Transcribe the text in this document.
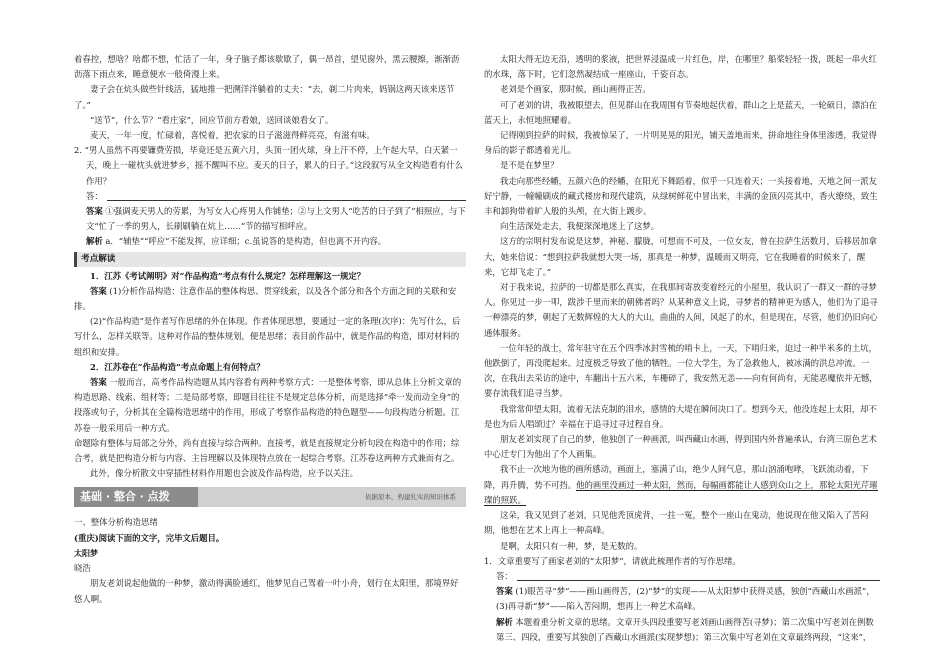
着春控，想啥？啥都不想，忙活了一年，身子脑子都该歇歇了，偶一昂首，望见窗外，黑云腰擦，渐渐沥沥落下雨点来，睡意便水一般倚漫上来。

妻子会在炕头做些针线活，猛地推一把溯洋洋躺着的丈夫：“去，剃二片肉来，妈锅这两天该来送节了。”

“送节”，什么节？“看庄家”，回应节前方看娘，送回谈娘看女了。

麦天，一年一度，忙碌着，喜悦着，把农家的日子滋滋得鲜亮亮，有滋有味。

2. “男人虽然不再要镰费劳损，毕竟还是五黄六月，头顶一团火球，身上汗不停，上午起大早，白天紧一天，晚上一碰枕头就进梦乡，摇不醒叫不应。麦天的日子，累人的日子。”这段叙写从全文构造看有什么作用？

答：

答案 ①强调麦天男人的劳累，为写女人心疼男人作铺垫；②与上文男人“吃苦的日子到了”相照应，与下文“忙了一季的男人，长刷刷躺在炕上……”节的描写相呼应。

解析 a．“辅垫”“呼应”不能发挥，应详细；c.虽说答的是构造，但也离不开内容。

考点解读

1．江苏《考试阐明》对“作品构造”考点有什么规定？怎样理解这一规定？

答案 (1)分析作品构造：注意作品的整体构思、贯穿线索，以及各个部分和各个方面之间的关联和安排。

(2)“作品构造”是作者写作思绪的外在体现。作者体现思想，要通过一定的条理(次序)：先写什么，后写什么，怎样关联等。这种对作品的整体规划，便是思绪；表目前作品中，就是作品的构造，即对材料的组织和安排。

2．江苏卷在“作品构造”考点命题上有何特点？

答案 一般而言，高考作品构造题从其内容看有两种考察方式：一是整体考察，即从总体上分析文章的构造思路、线索、组材等；二是局部考察，即题目往往不是规定总体分析，而是选择“牵一发而动全身”的段落或句子，分析其在全篇构造思绪中的作用，形成了考察作品构造的特色题型——句段构造分析题。江苏卷一般采用后一种方式。

命题除有整体与局部之分外，尚有直接与综合两种。直接考，就是直接规定分析句段在构造中的作用；综合考，就是把构造分析与内容、主旨理解以及体现特点放在一起综合考察。江苏卷这两种方式兼而有之。

此外，像分析散文中穿插性材料作用题也会波及作品构造，应予以关注。

基础 · 整合 · 点拨	依据原本，构建扎实的知识体系

一、整体分析构造思绪

(重庆)阅读下面的文字，完毕文后题目。

太阳梦

晓浩

朋友老刘说起他做的一种梦，激动得满脸通红，他梦见自己驾着一叶小舟，划行在太阳里，那境界好悠人啊。

太阳大得无边无沿，透明的浆液，把世界浸温成一片红色，岸，在哪里？船桨轻轻一拨，既起一串火红的水珠，落下时，它们忽然凝结成一座座山，千姿百态。

老刘是个画家，那时候，画山画得正苦。

可了老刘的讲，我被眼望去，但见群山在我周围有节奏地起伏着，群山之上是蓝天，一轮硕日，漂泊在蓝天上，永恒地照耀着。

记得刚到拉萨的时候，我被惊呆了，一片明晃晃的阳光，铺天盖地而来，拼命地往身体里渗透，我觉得身后的影子都透着光儿。

是不是在梦里？

我走向那些经幡，五颜六色的经幡，在阳光下舞蹈着，似乎一只连着天；一头接着地，天地之间一派友好宁静，一幢幢刷成的藏式楼房和现代建筑，从绿树鲜花中冒出来，丰满的金顶闪亮其中，香火缭绕，致生丰和卸狗带着旷人般的头颅，在大街上踱步。

向生活深处走去，我便深深地迷上了这梦。

这方的宗明村发布说是这梦，神秘、朦胧，可想而不可及，一位女友，曾在拉萨生活数月，后移居加拿大，她来信说：“想到拉萨我就想大哭一场，那真是一种梦，温暖而又明亮，它在我睡着的时候来了，醒来，它却飞走了。”

对于我来说，拉萨的一切都是那么真实，在我那间寄放变着经元的小屋里，我认识了一群又一群的寻梦人。你见过一步一叩，跋涉千里而来的朝佛者吗？从某种意义上说，寻梦者的精神更为感人，他们为了追寻一种漂亮的梦，朝起了无数辉煌的大人的大山，曲曲的人间，风起了的水，但是现在，尽管，他们仍旧向心通体服务。

一位年轻的战士，常年驻守在五个四季冰封雪梳的哨卡上，一天，下哨归来，迫过一种半米多的土坑，他跌倒了，再没爬起来。过度极乏导致了他的牺牲。一位大学生，为了急救他人，被冰满的洪总冲流。一次，在我出去采访的途中，车翻出十五六米，车栅碎了，我安然无恙——向有何尚有，无能恶魔依并无憾，要存流我们追寻当梦。

我常常仰望太阳，流着无法克制的泪水，感情的大堤在瞬间决口了。想到今天，他没连起上太阳，却不是也为后人唱颂过？幸福在于追寻过寻过程自身。

朋友老刘实现了自己的梦，他独创了一种画派，叫西藏山水画，得到国内外普遍承认，台湾三原色艺术中心迁专门为他出了个人画集。

我不止一次地为他的画所感动，画面上，塞满了山，绝少人间气息，那山汹涌咆哮，飞跃流动着，下降，再升腾，势不可挡。他的画里没画过一种太阳，然而，每幅画都能让人感到众山之上，那轮太阳光芹璀璨的照跃。

这朵，我又见到了老刘，只见他秃顶虎背，一拄一冤，整个一座山在鬼动，他说现在他又陷入了苦闷期，他想在艺术上再上一种高峰。

是啊，太阳只有一种，梦，是无数的。

1．文章重要写了画家老刘的“太阳梦”，请就此梳理作者的写作思绪。

答：

答案 (1)眼苦寻“梦”——画山画得苦，(2)“梦”的实现——从太阳梦中获得灵感，独创“西藏山水画派”，(3)再寻新“梦”——陷入苦闷期，想再上一种艺术高峰。

解析 本题着重分析文章的思绪。文章开头四段重要写老刘画山画得苦(寻梦)；第二次集中写老刘在例数第三、四段，重要写其独创了西藏山水画派(实现梦想)；第三次集中写老刘在文章最终两段，“这来”，
